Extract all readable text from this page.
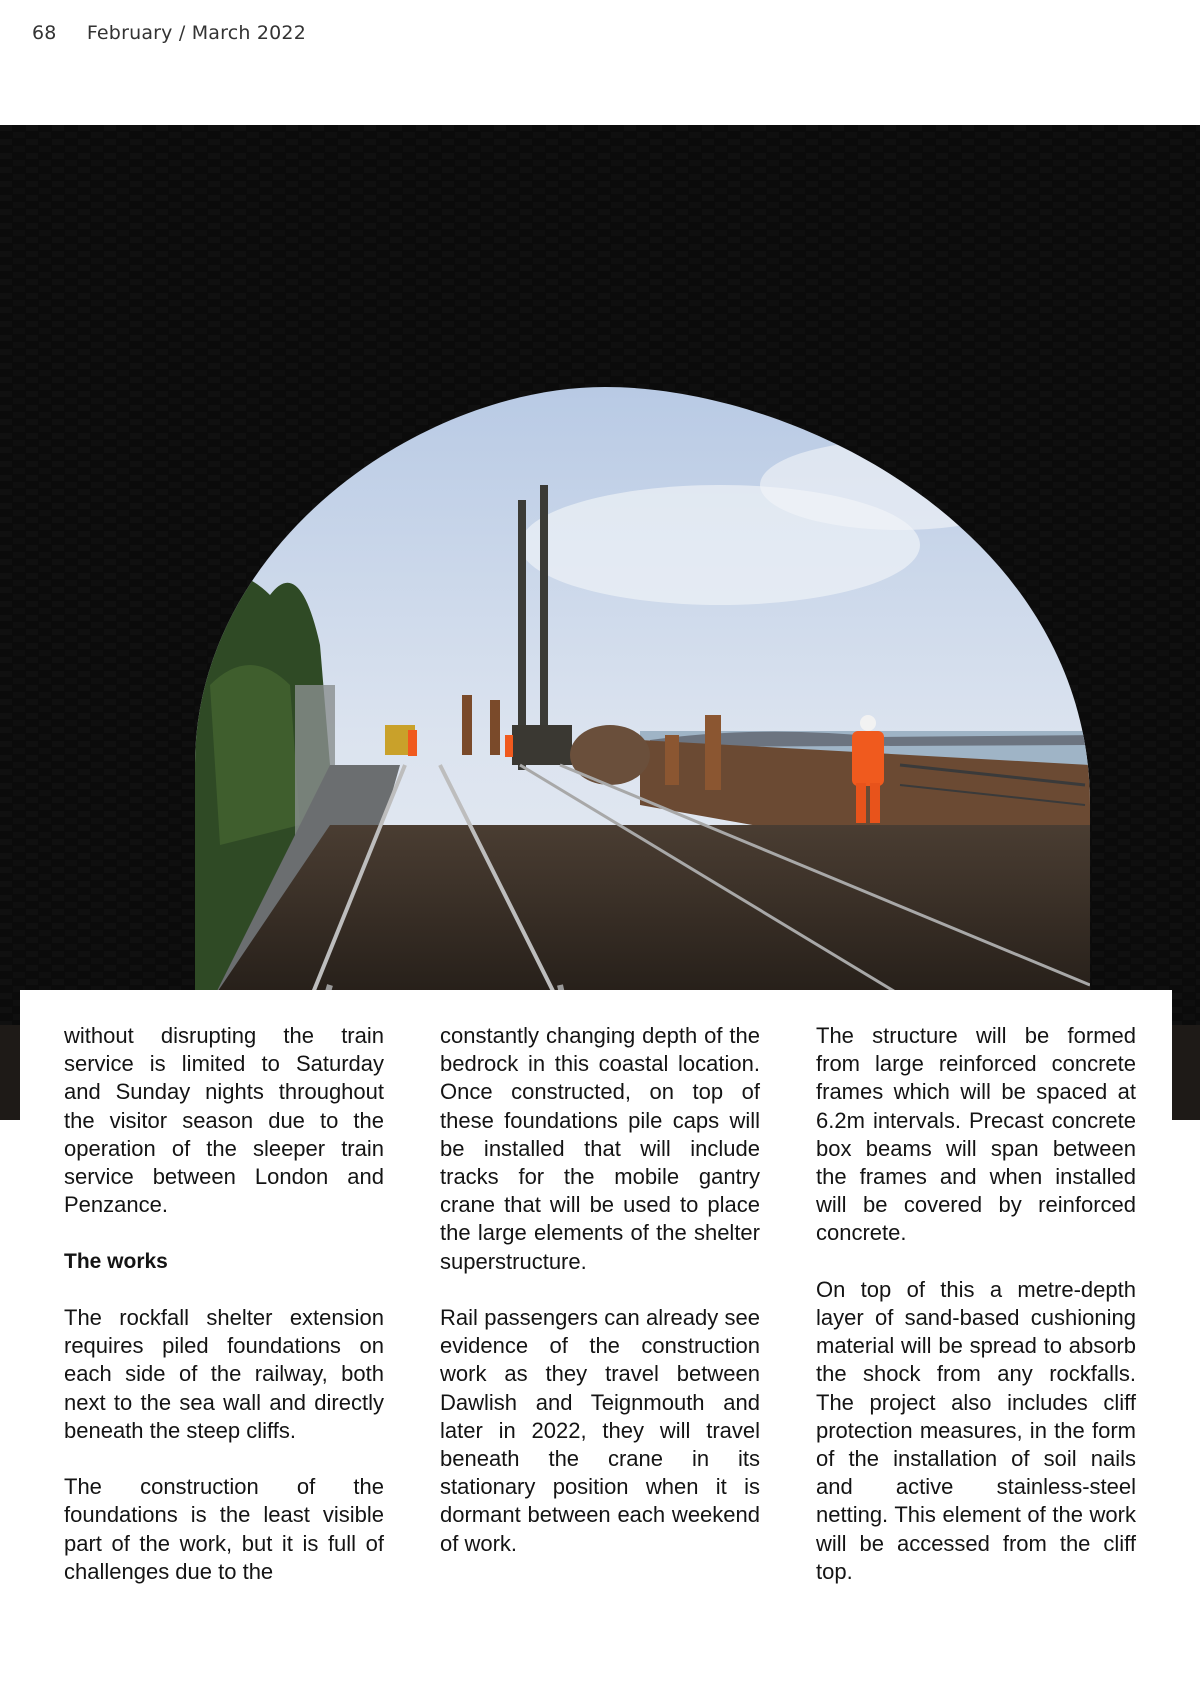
68 February / March 2022

without disrupting the train service is limited to Saturday and Sunday nights throughout the visitor season due to the operation of the sleeper train service between London and Penzance.

The works

The rockfall shelter extension requires piled foundations on each side of the railway, both next to the sea wall and directly beneath the steep cliffs.

The construction of the foundations is the least visible part of the work, but it is full of challenges due to the

constantly changing depth of the bedrock in this coastal location. Once constructed, on top of these foundations pile caps will be installed that will include tracks for the mobile gantry crane that will be used to place the large elements of the shelter superstructure.

Rail passengers can already see evidence of the construction work as they travel between Dawlish and Teignmouth and later in 2022, they will travel beneath the crane in its stationary position when it is dormant between each weekend of work.

The structure will be formed from large reinforced concrete frames which will be spaced at 6.2m intervals. Precast concrete box beams will span between the frames and when installed will be covered by reinforced concrete.

On top of this a metre-depth layer of sand-based cushioning material will be spread to absorb the shock from any rockfalls. The project also includes cliff protection measures, in the form of the installation of soil nails and active stainless-steel netting. This element of the work will be accessed from the cliff top.
